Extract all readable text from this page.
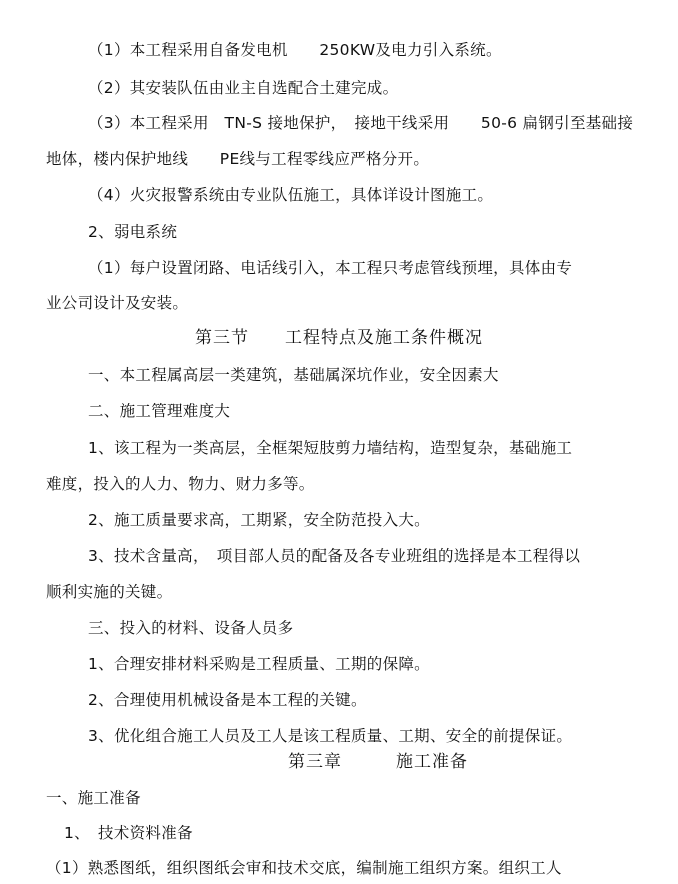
（1）本工程采用自备发电机　　250KW及电力引入系统。
（2）其安装队伍由业主自选配合土建完成。
（3）本工程采用　TN-S 接地保护，　接地干线采用　　50-6 扁钢引至基础接
地体，楼内保护地线　　PE线与工程零线应严格分开。
（4）火灾报警系统由专业队伍施工，具体详设计图施工。
2、弱电系统
（1）每户设置闭路、电话线引入，本工程只考虑管线预埋，具体由专
业公司设计及安装。
第三节　　工程特点及施工条件概况
一、本工程属高层一类建筑，基础属深坑作业，安全因素大
二、施工管理难度大
1、该工程为一类高层，全框架短肢剪力墙结构，造型复杂，基础施工
难度，投入的人力、物力、财力多等。
2、施工质量要求高，工期紧，安全防范投入大。
3、技术含量高，　项目部人员的配备及各专业班组的选择是本工程得以
顺利实施的关键。
三、投入的材料、设备人员多
1、合理安排材料采购是工程质量、工期的保障。
2、合理使用机械设备是本工程的关键。
3、优化组合施工人员及工人是该工程质量、工期、安全的前提保证。
第三章　　　施工准备
一、施工准备
1、　技术资料准备
（1）熟悉图纸，组织图纸会审和技术交底，编制施工组织方案。组织工人
